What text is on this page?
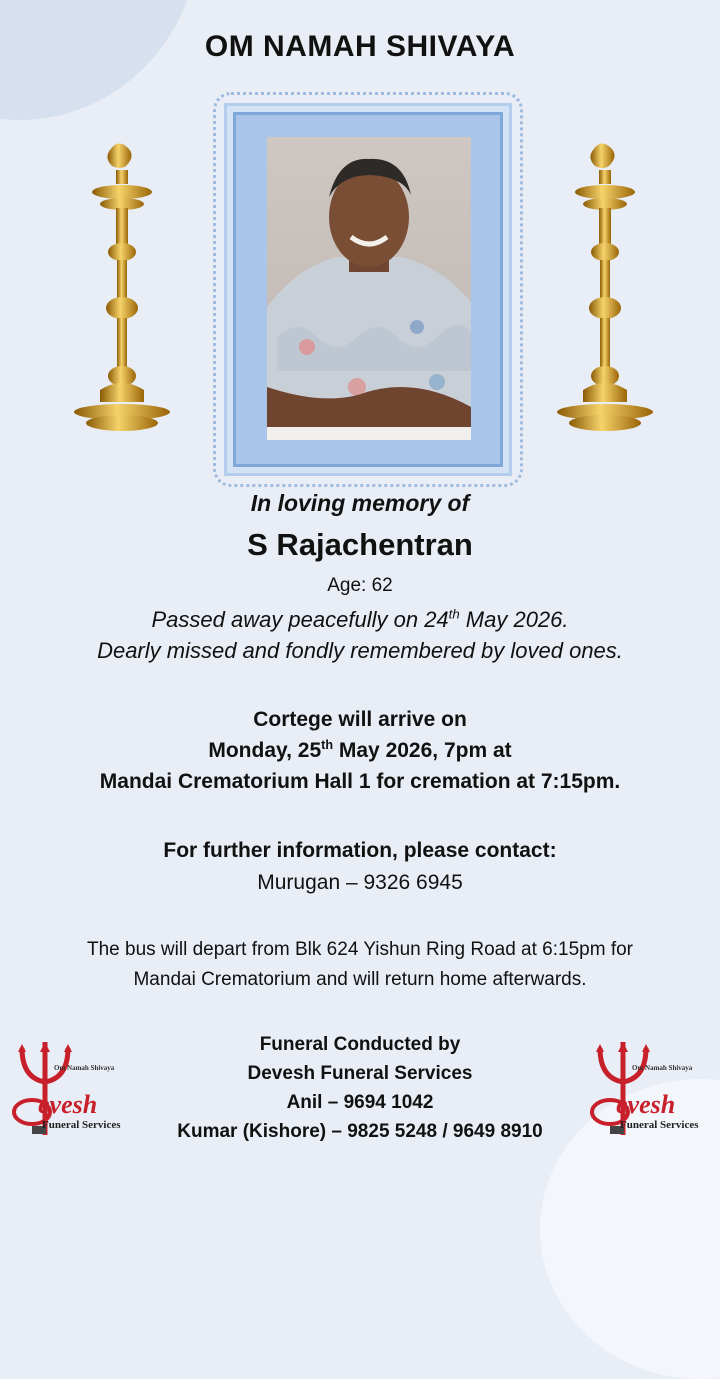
OM NAMAH SHIVAYA
In loving memory of
S Rajachentran
Age: 62
Passed away peacefully on 24th May 2026.
Dearly missed and fondly remembered by loved ones.
Cortege will arrive on
Monday, 25th May 2026, 7pm at
Mandai Crematorium Hall 1 for cremation at 7:15pm.
For further information, please contact:
Murugan – 9326 6945
The bus will depart from Blk 624 Yishun Ring Road at 6:15pm for
Mandai Crematorium and will return home afterwards.
Funeral Conducted by
Devesh Funeral Services
Anil – 9694 1042
Kumar (Kishore) – 9825 5248 / 9649 8910
Om Namah Shivaya
evesh
Funeral Services
Om Namah Shivaya
evesh
Funeral Services
